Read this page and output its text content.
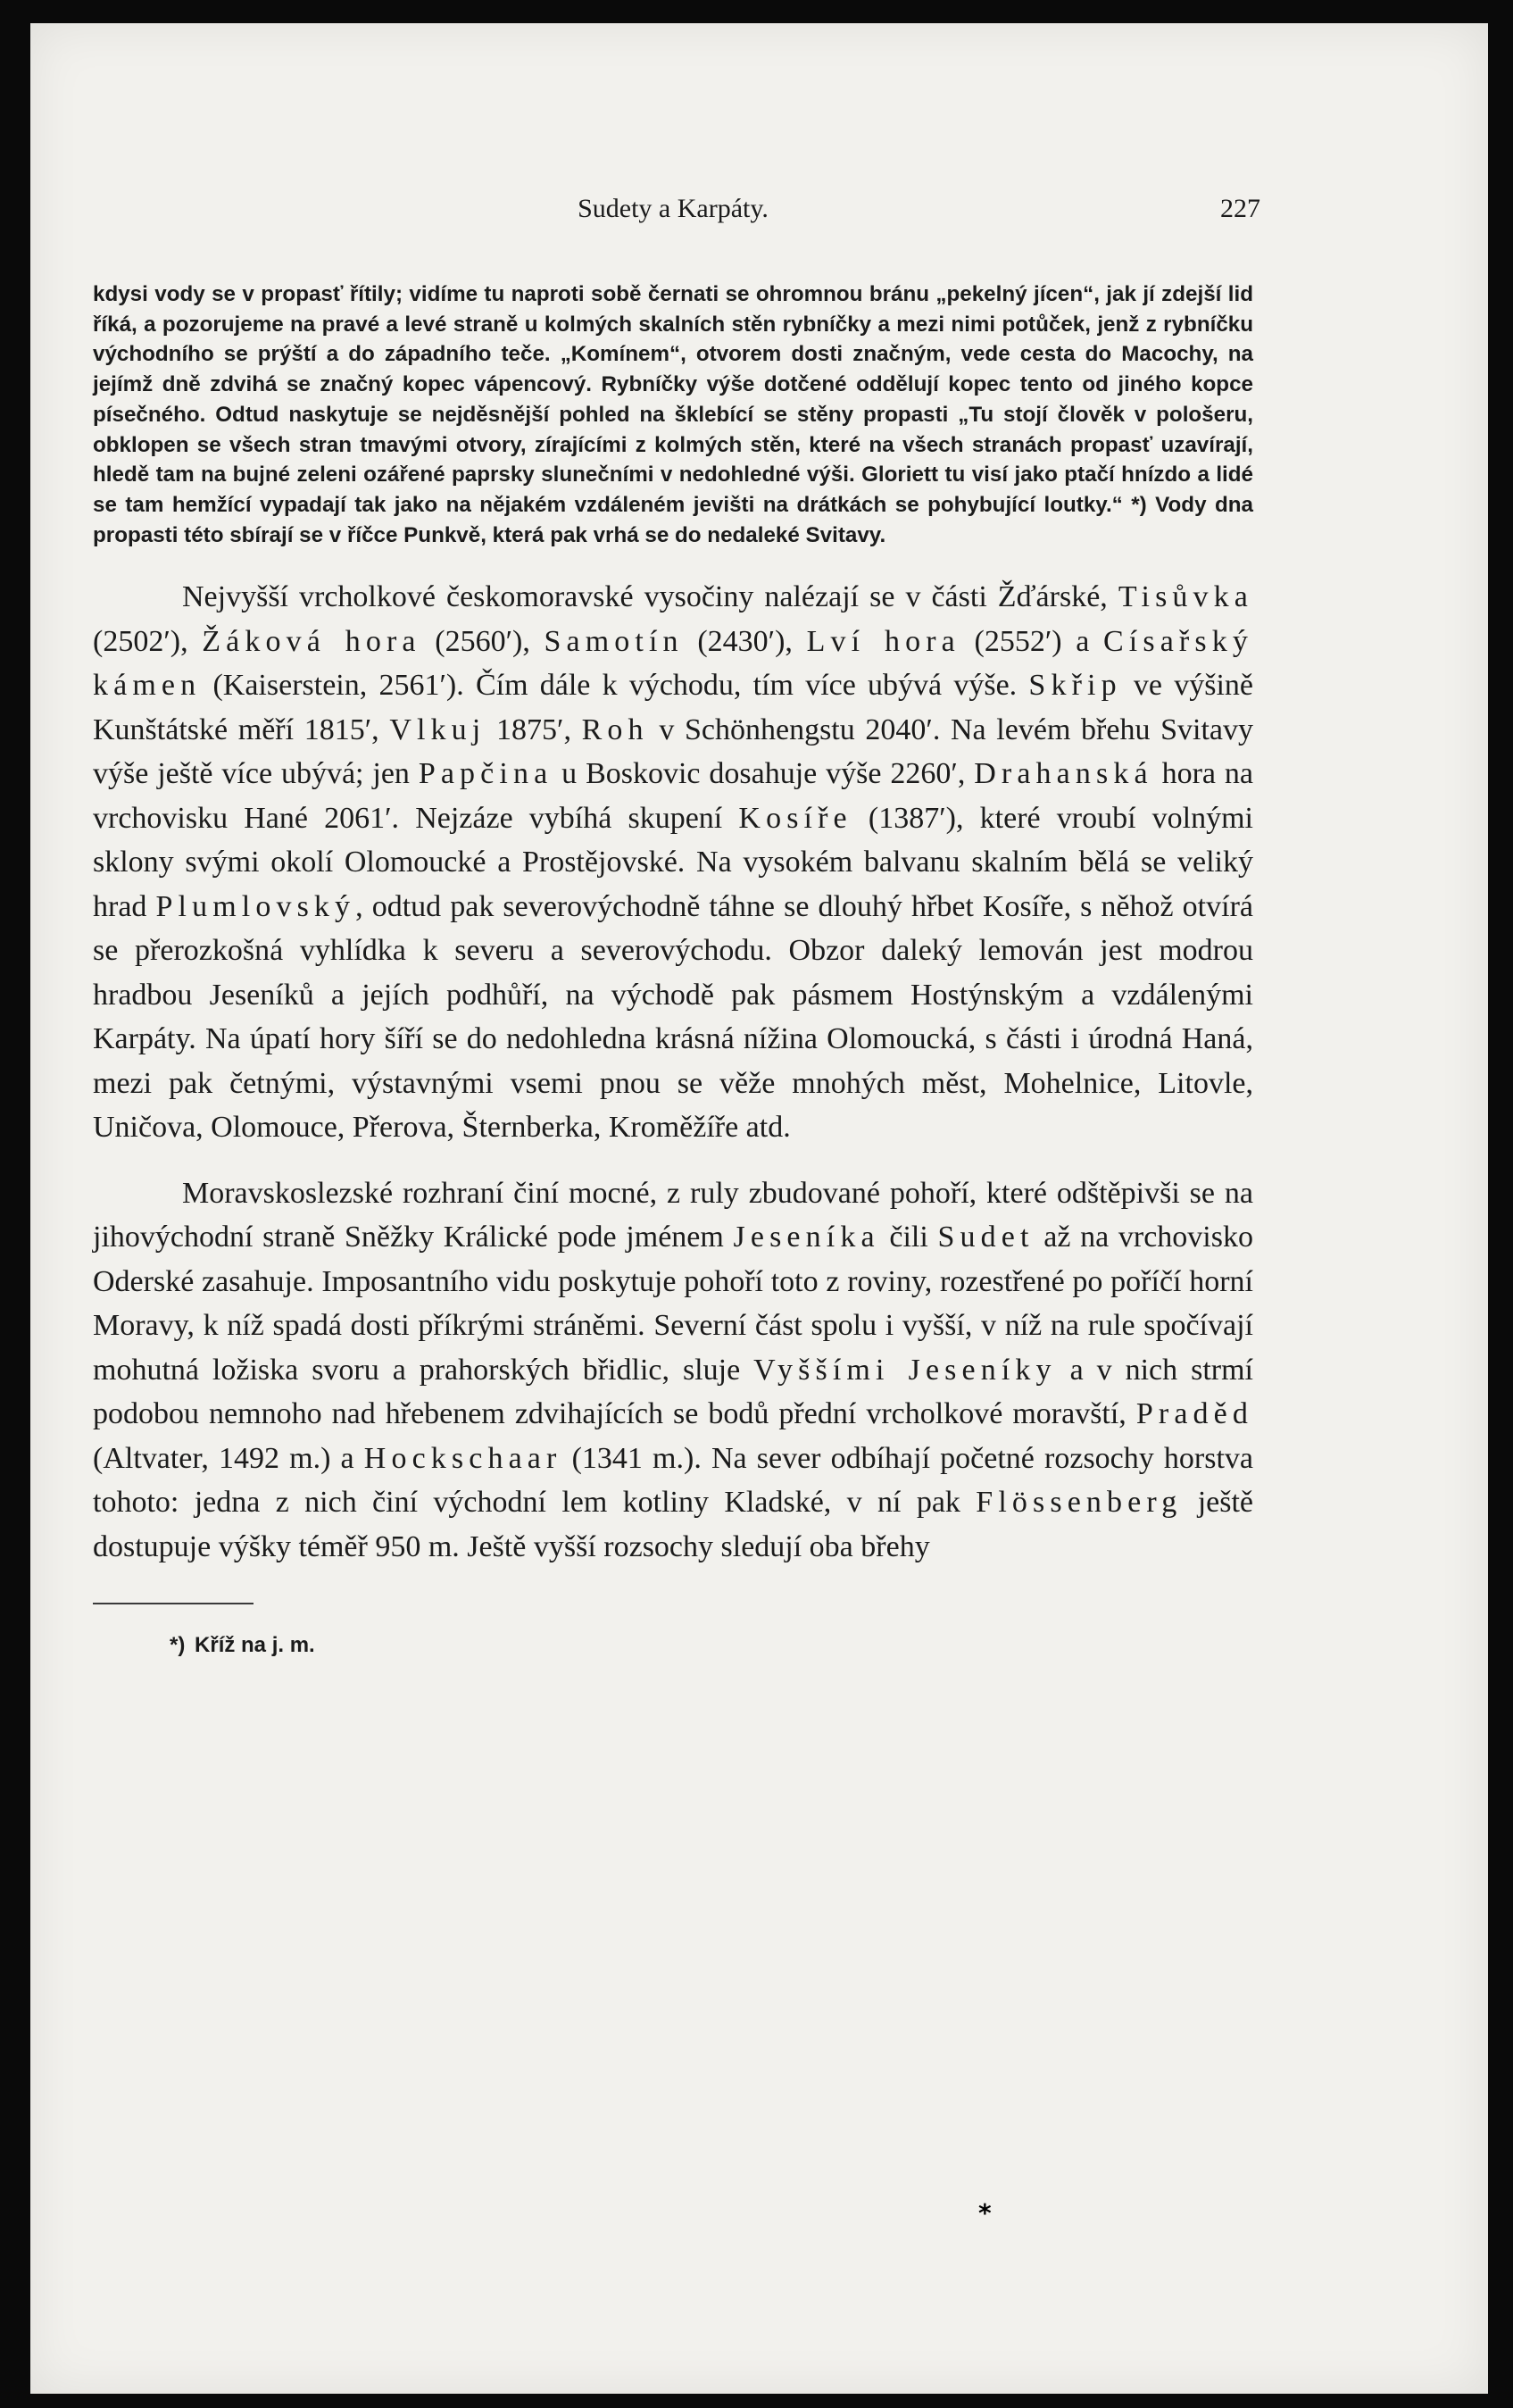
Sudety a Karpáty.	227

kdysi vody se v propasť řítily; vidíme tu naproti sobě černati se ohromnou bránu „pekelný jícen“, jak jí zdejší lid říká, a pozorujeme na pravé a levé straně u kolmých skalních stěn rybníčky a mezi nimi potůček, jenž z rybníčku východního se prýští a do západního teče. „Komínem“, otvorem dosti značným, vede cesta do Macochy, na jejímž dně zdvihá se značný kopec vápencový. Rybníčky výše dotčené oddělují kopec tento od jiného kopce písečného. Odtud naskytuje se nejděsnější pohled na šklebící se stěny propasti „Tu stojí člověk v pološeru, obklopen se všech stran tmavými otvory, zírajícími z kolmých stěn, které na všech stranách propasť uzavírají, hledě tam na bujné zeleni ozářené paprsky slunečními v nedohledné výši. Gloriett tu visí jako ptačí hnízdo a lidé se tam hemžící vypadají tak jako na nějakém vzdáleném jevišti na drátkách se pohybující loutky.“ *) Vody dna propasti této sbírají se v říčce Punkvě, která pak vrhá se do nedaleké Svitavy.

Nejvyšší vrcholkové českomoravské vysočiny nalézají se v části Žďárské, Tisůvka (2502′), Žáková hora (2560′), Samotín (2430′), Lví hora (2552′) a Císařský kámen (Kaiserstein, 2561′). Čím dále k východu, tím více ubývá výše. Skřip ve výšině Kunštátské měří 1815′, Vlkuj 1875′, Roh v Schönhengstu 2040′. Na levém břehu Svitavy výše ještě více ubývá; jen Papčina u Boskovic dosahuje výše 2260′, Drahanská hora na vrchovisku Hané 2061′. Nejzáze vybíhá skupení Kosíře (1387′), které vroubí volnými sklony svými okolí Olomoucké a Prostějovské. Na vysokém balvanu skalním bělá se veliký hrad Plumlovský, odtud pak severovýchodně táhne se dlouhý hřbet Kosíře, s něhož otvírá se přerozkošná vyhlídka k severu a severovýchodu. Obzor daleký lemován jest modrou hradbou Jeseníků a jejích podhůří, na východě pak pásmem Hostýnským a vzdálenými Karpáty. Na úpatí hory šíří se do nedohledna krásná nížina Olomoucká, s části i úrodná Haná, mezi pak četnými, výstavnými vsemi pnou se věže mnohých měst, Mohelnice, Litovle, Uničova, Olomouce, Přerova, Šternberka, Kroměžíře atd.

Moravskoslezské rozhraní činí mocné, z ruly zbudované pohoří, které odštěpivši se na jihovýchodní straně Sněžky Králické pode jménem Jeseníka čili Sudet až na vrchovisko Oderské zasahuje. Imposantního vidu poskytuje pohoří toto z roviny, rozestřené po poříčí horní Moravy, k níž spadá dosti příkrými stráněmi. Severní část spolu i vyšší, v níž na rule spočívají mohutná ložiska svoru a prahorských břidlic, sluje Vyššími Jeseníky a v nich strmí podobou nemnoho nad hřebenem zdvihajících se bodů přední vrcholkové moravští, Praděd (Altvater, 1492 m.) a Hockschaar (1341 m.). Na sever odbíhají početné rozsochy horstva tohoto: jedna z nich činí východní lem kotliny Kladské, v ní pak Flössenberg ještě dostupuje výšky téměř 950 m. Ještě vyšší rozsochy sledují oba břehy

*) Kříž na j. m.
*
